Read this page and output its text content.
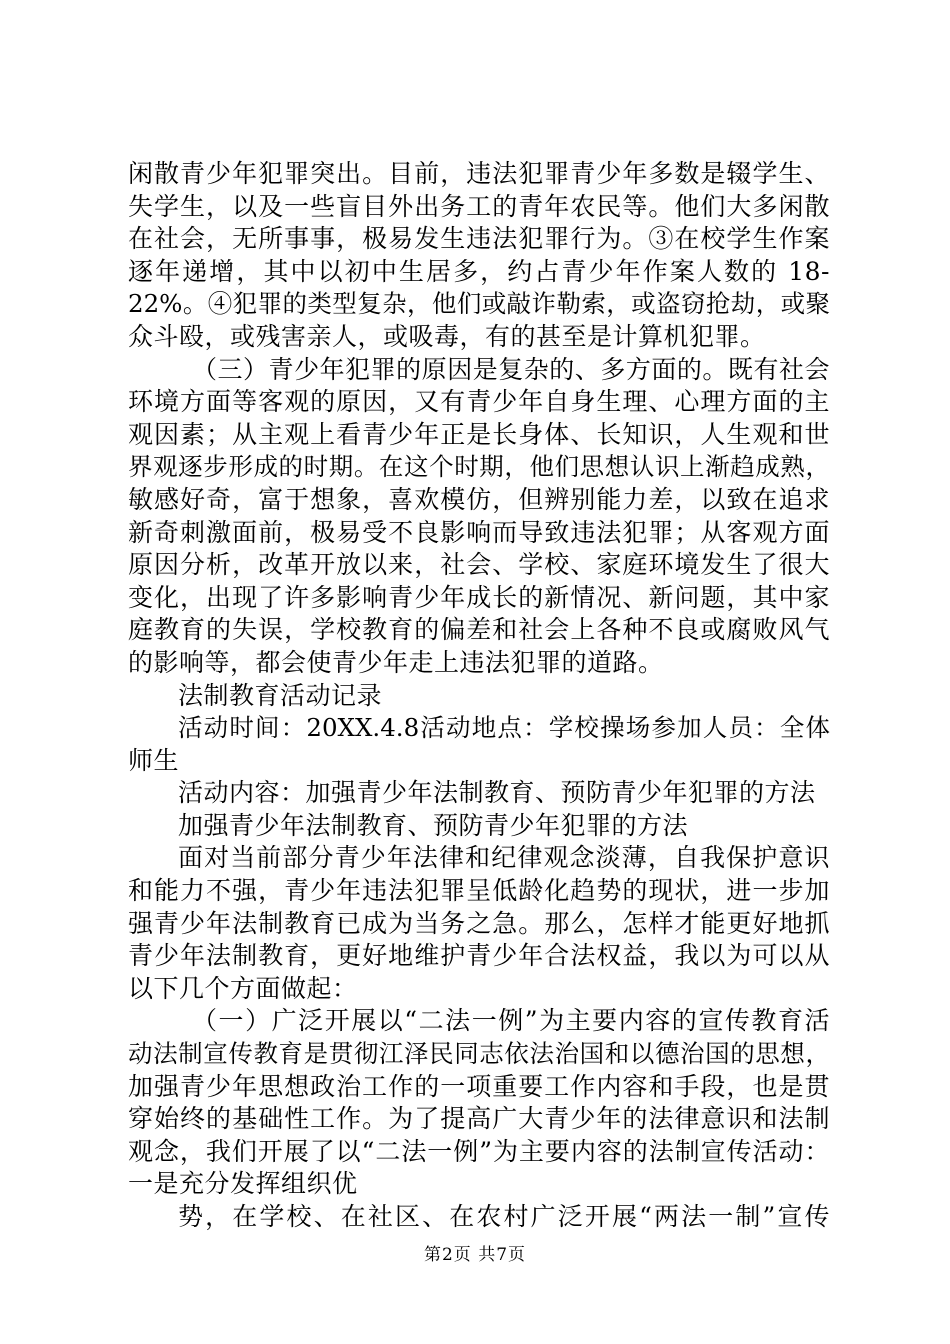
闲散青少年犯罪突出。目前，违法犯罪青少年多数是辍学生、
失学生，以及一些盲目外出务工的青年农民等。他们大多闲散
在社会，无所事事，极易发生违法犯罪行为。③在校学生作案
逐年递增，其中以初中生居多，约占青少年作案人数的 18-
22%。④犯罪的类型复杂，他们或敲诈勒索，或盗窃抢劫，或聚
众斗殴，或残害亲人，或吸毒，有的甚至是计算机犯罪。
（三）青少年犯罪的原因是复杂的、多方面的。既有社会
环境方面等客观的原因，又有青少年自身生理、心理方面的主
观因素；从主观上看青少年正是长身体、长知识，人生观和世
界观逐步形成的时期。在这个时期，他们思想认识上渐趋成熟，
敏感好奇，富于想象，喜欢模仿，但辨别能力差，以致在追求
新奇刺激面前，极易受不良影响而导致违法犯罪；从客观方面
原因分析，改革开放以来，社会、学校、家庭环境发生了很大
变化，出现了许多影响青少年成长的新情况、新问题，其中家
庭教育的失误，学校教育的偏差和社会上各种不良或腐败风气
的影响等，都会使青少年走上违法犯罪的道路。
法制教育活动记录
活动时间：20XX.4.8活动地点：学校操场参加人员：全体
师生
活动内容：加强青少年法制教育、预防青少年犯罪的方法
加强青少年法制教育、预防青少年犯罪的方法
面对当前部分青少年法律和纪律观念淡薄，自我保护意识
和能力不强，青少年违法犯罪呈低龄化趋势的现状，进一步加
强青少年法制教育已成为当务之急。那么，怎样才能更好地抓
青少年法制教育，更好地维护青少年合法权益，我以为可以从
以下几个方面做起：
（一）广泛开展以“二法一例”为主要内容的宣传教育活
动法制宣传教育是贯彻江泽民同志依法治国和以德治国的思想，
加强青少年思想政治工作的一项重要工作内容和手段，也是贯
穿始终的基础性工作。为了提高广大青少年的法律意识和法制
观念，我们开展了以“二法一例”为主要内容的法制宣传活动：
一是充分发挥组织优
势，在学校、在社区、在农村广泛开展“两法一制”宣传
第2页 共7页
